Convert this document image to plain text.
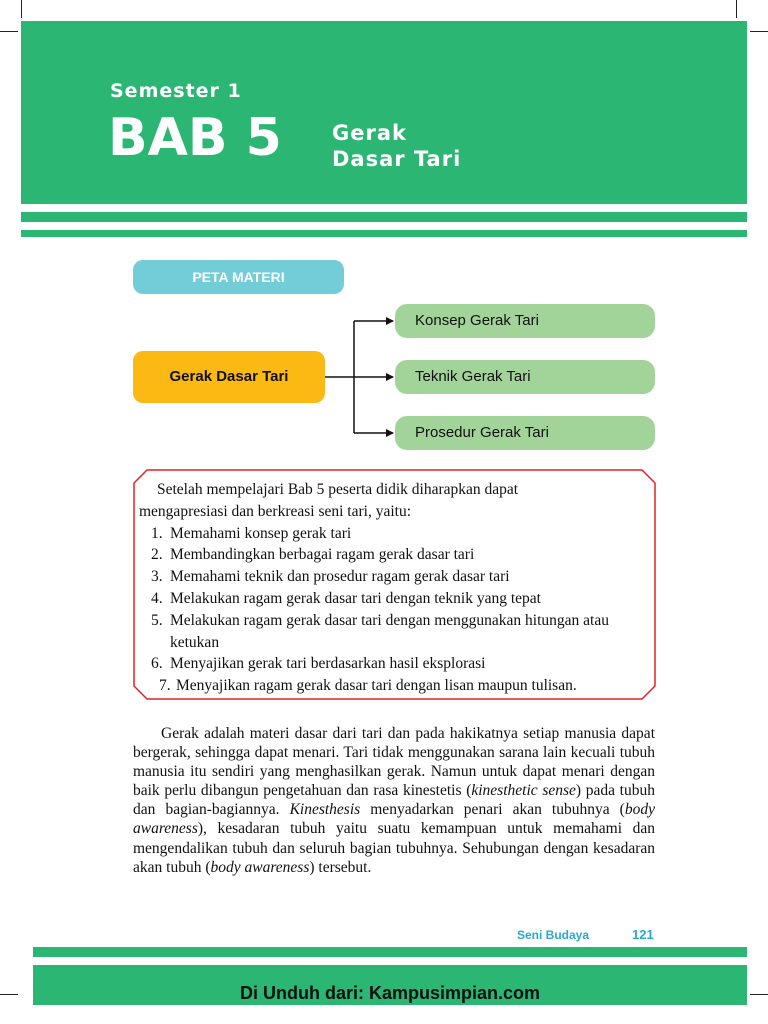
Semester 1
BAB 5 Gerak
Dasar Tari
PETA MATERI
Gerak Dasar Tari
Konsep Gerak Tari
Teknik Gerak Tari
Prosedur Gerak Tari
Setelah mempelajari Bab 5 peserta didik diharapkan dapat
mengapresiasi dan berkreasi seni tari, yaitu:
1. Memahami konsep gerak tari
2. Membandingkan berbagai ragam gerak dasar tari
3. Memahami teknik dan prosedur ragam gerak dasar tari
4. Melakukan ragam gerak dasar tari dengan teknik yang tepat
5. Melakukan ragam gerak dasar tari dengan menggunakan hitungan atau ketukan
6. Menyajikan gerak tari berdasarkan hasil eksplorasi
7. Menyajikan ragam gerak dasar tari dengan lisan maupun tulisan.
Gerak adalah materi dasar dari tari dan pada hakikatnya setiap manusia dapat bergerak, sehingga dapat menari. Tari tidak menggunakan sarana lain kecuali tubuh manusia itu sendiri yang menghasilkan gerak. Namun untuk dapat menari dengan baik perlu dibangun pengetahuan dan rasa kinestetis (kinesthetic sense) pada tubuh dan bagian-bagiannya. Kinesthesis menyadarkan penari akan tubuhnya (body awareness), kesadaran tubuh yaitu suatu kemampuan untuk memahami dan mengendalikan tubuh dan seluruh bagian tubuhnya. Sehubungan dengan kesadaran akan tubuh (body awareness) tersebut.
Seni Budaya	121
Di Unduh dari: Kampusimpian.com
